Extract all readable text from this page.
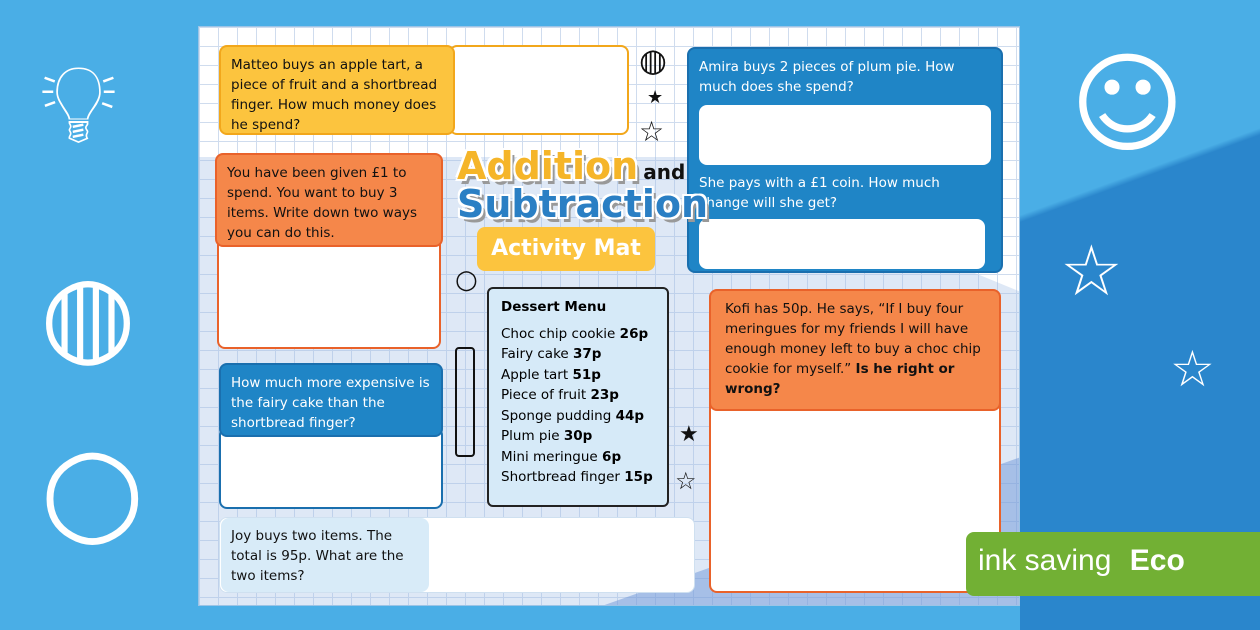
💡︎
◍
○
☺
☆
☆
Matteo buys an apple tart, a piece of fruit and a shortbread finger. How much money does he spend?
You have been given £1 to spend. You want to buy 3 items. Write down two ways you can do this.
How much more expensive is the fairy cake than the shortbread finger?
Joy buys two items. The total is 95p. What are the two items?
Amira buys 2 pieces of plum pie. How much does she spend?
She pays with a £1 coin. How much change will she get?
Kofi has 50p. He says, “If I buy four meringues for my friends I will have enough money left to buy a choc chip cookie for myself.” Is he right or wrong?
Addition and
Subtraction
Activity Mat
Dessert Menu
Choc chip cookie 26p
Fairy cake 37p
Apple tart 51p
Piece of fruit 23p
Sponge pudding 44p
Plum pie 30p
Mini meringue 6p
Shortbread finger 15p
◍
★
☆
○
★
☆
ink saving Eco
